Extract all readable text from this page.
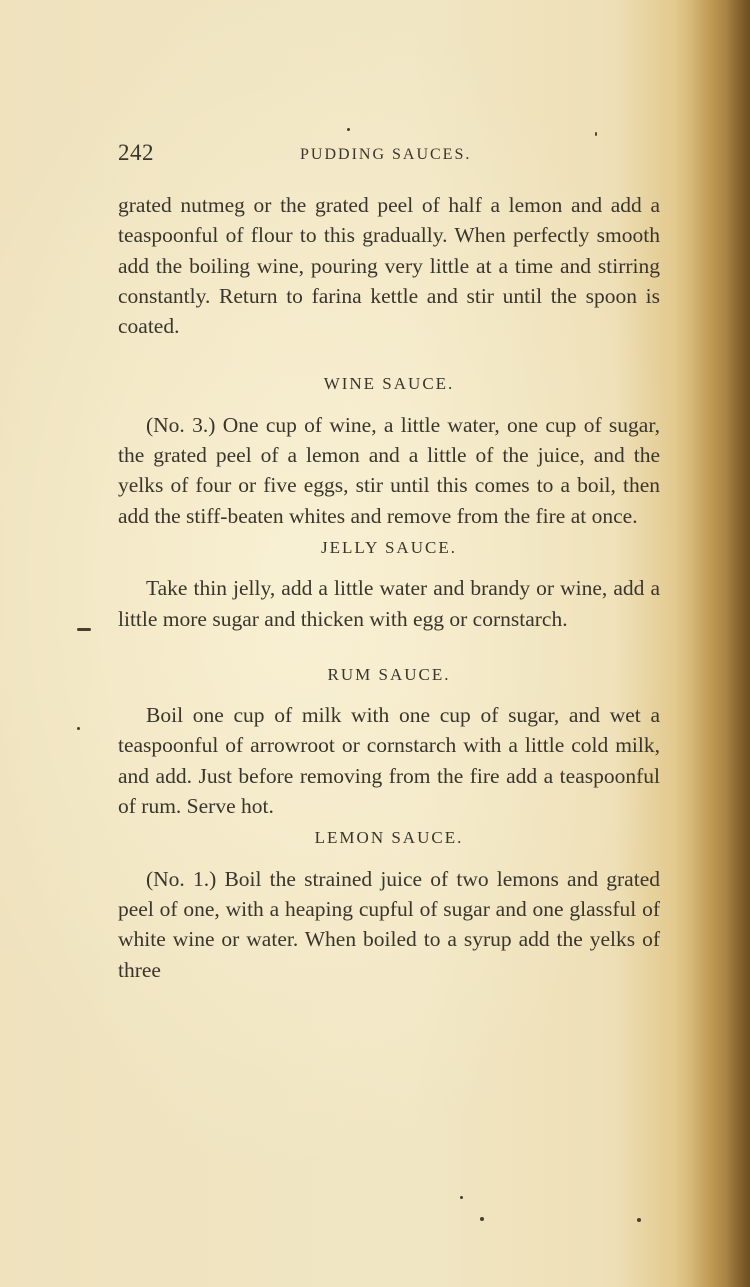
242	PUDDING SAUCES.

grated nutmeg or the grated peel of half a lemon and add a teaspoonful of flour to this gradually. When perfectly smooth add the boiling wine, pouring very little at a time and stirring constantly. Return to farina kettle and stir until the spoon is coated.

WINE SAUCE.

(No. 3.) One cup of wine, a little water, one cup of sugar, the grated peel of a lemon and a little of the juice, and the yelks of four or five eggs, stir until this comes to a boil, then add the stiff-beaten whites and remove from the fire at once.

JELLY SAUCE.

Take thin jelly, add a little water and brandy or wine, add a little more sugar and thicken with egg or cornstarch.

RUM SAUCE.

Boil one cup of milk with one cup of sugar, and wet a teaspoonful of arrowroot or cornstarch with a little cold milk, and add. Just before removing from the fire add a teaspoonful of rum. Serve hot.

LEMON SAUCE.

(No. 1.) Boil the strained juice of two lemons and grated peel of one, with a heaping cupful of sugar and one glassful of white wine or water. When boiled to a syrup add the yelks of three
